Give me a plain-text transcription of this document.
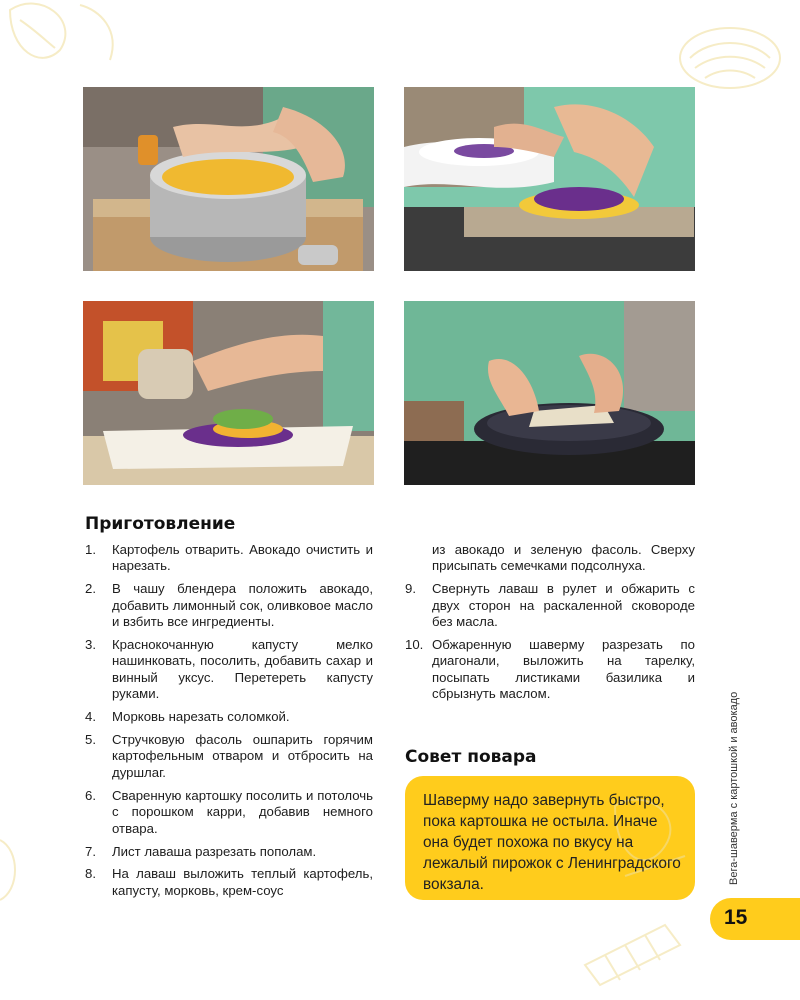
Приготовление
1.	Картофель отварить. Авокадо очистить и нарезать.
2.	В чашу блендера положить авокадо, добавить лимонный сок, оливковое масло и взбить все ингредиенты.
3.	Краснокочанную капусту мелко нашинковать, посолить, добавить сахар и винный уксус. Перетереть капусту руками.
4.	Морковь нарезать соломкой.
5.	Стручковую фасоль ошпарить горячим картофельным отваром и отбросить на дуршлаг.
6.	Сваренную картошку посолить и потолочь с порошком карри, добавив немного отвара.
7.	Лист лаваша разрезать пополам.
8.	На лаваш выложить теплый картофель, капусту, морковь, крем-соус
из авокадо и зеленую фасоль. Сверху присыпать семечками подсолнуха.
9.	Свернуть лаваш в рулет и обжарить с двух сторон на раскаленной сковороде без масла.
10. Обжаренную шаверму разрезать по диагонали, выложить на тарелку, посыпать листиками базилика и сбрызнуть маслом.
Совет повара

Шаверму надо завернуть быстро, пока картошка не остыла. Иначе она будет похожа по вкусу на лежалый пирожок с Ленинградского вокзала.	Вега-шаверма с картошкой и авокадо
15
